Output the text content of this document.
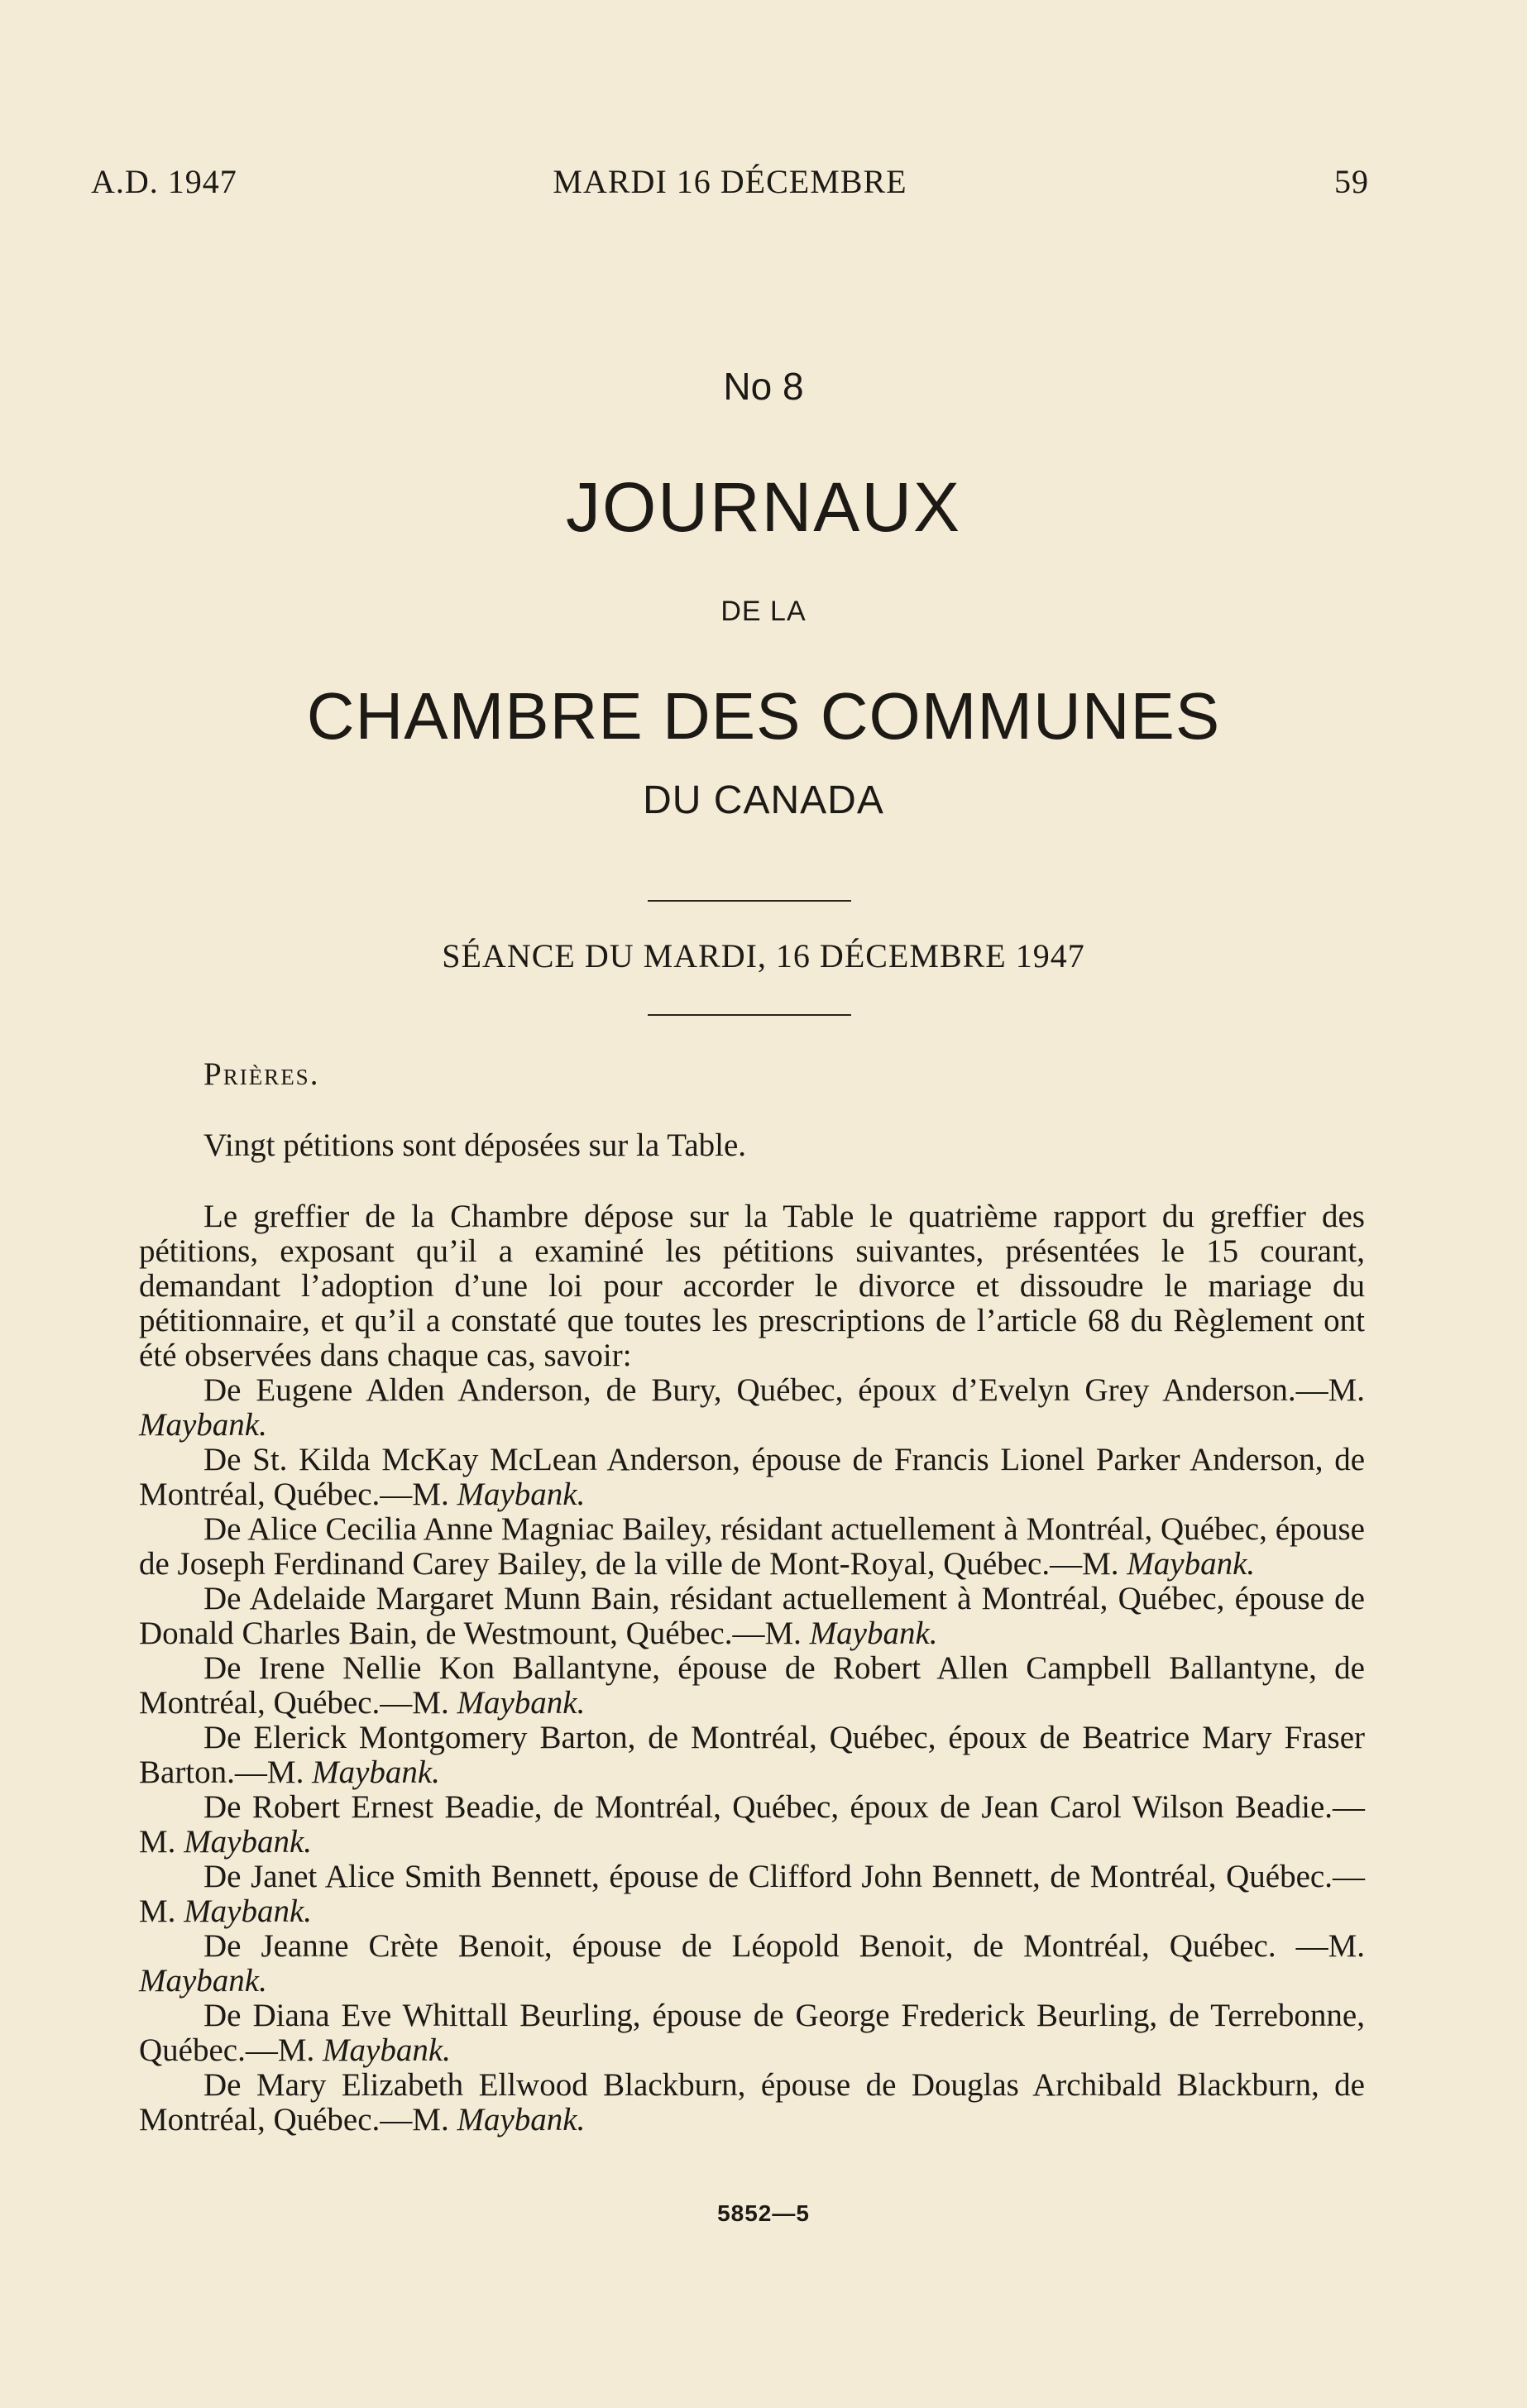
A.D. 1947	MARDI 16 DÉCEMBRE	59
No 8
JOURNAUX
DE LA
CHAMBRE DES COMMUNES
DU CANADA
SÉANCE DU MARDI, 16 DÉCEMBRE 1947

Prières.

Vingt pétitions sont déposées sur la Table.

Le greffier de la Chambre dépose sur la Table le quatrième rapport du greffier des pétitions, exposant qu’il a examiné les pétitions suivantes, présentées le 15 courant, demandant l’adoption d’une loi pour accorder le divorce et dissoudre le mariage du pétitionnaire, et qu’il a constaté que toutes les prescriptions de l’article 68 du Règlement ont été observées dans chaque cas, savoir:

De Eugene Alden Anderson, de Bury, Québec, époux d’Evelyn Grey Anderson.—M. Maybank.

De St. Kilda McKay McLean Anderson, épouse de Francis Lionel Parker Anderson, de Montréal, Québec.—M. Maybank.

De Alice Cecilia Anne Magniac Bailey, résidant actuellement à Montréal, Québec, épouse de Joseph Ferdinand Carey Bailey, de la ville de Mont-Royal, Québec.—M. Maybank.

De Adelaide Margaret Munn Bain, résidant actuellement à Montréal, Québec, épouse de Donald Charles Bain, de Westmount, Québec.—M. Maybank.

De Irene Nellie Kon Ballantyne, épouse de Robert Allen Campbell Ballantyne, de Montréal, Québec.—M. Maybank.

De Elerick Montgomery Barton, de Montréal, Québec, époux de Beatrice Mary Fraser Barton.—M. Maybank.

De Robert Ernest Beadie, de Montréal, Québec, époux de Jean Carol Wilson Beadie.—M. Maybank.

De Janet Alice Smith Bennett, épouse de Clifford John Bennett, de Montréal, Québec.—M. Maybank.

De Jeanne Crète Benoit, épouse de Léopold Benoit, de Montréal, Québec. —M. Maybank.

De Diana Eve Whittall Beurling, épouse de George Frederick Beurling, de Terrebonne, Québec.—M. Maybank.

De Mary Elizabeth Ellwood Blackburn, épouse de Douglas Archibald Blackburn, de Montréal, Québec.—M. Maybank.

5852—5
